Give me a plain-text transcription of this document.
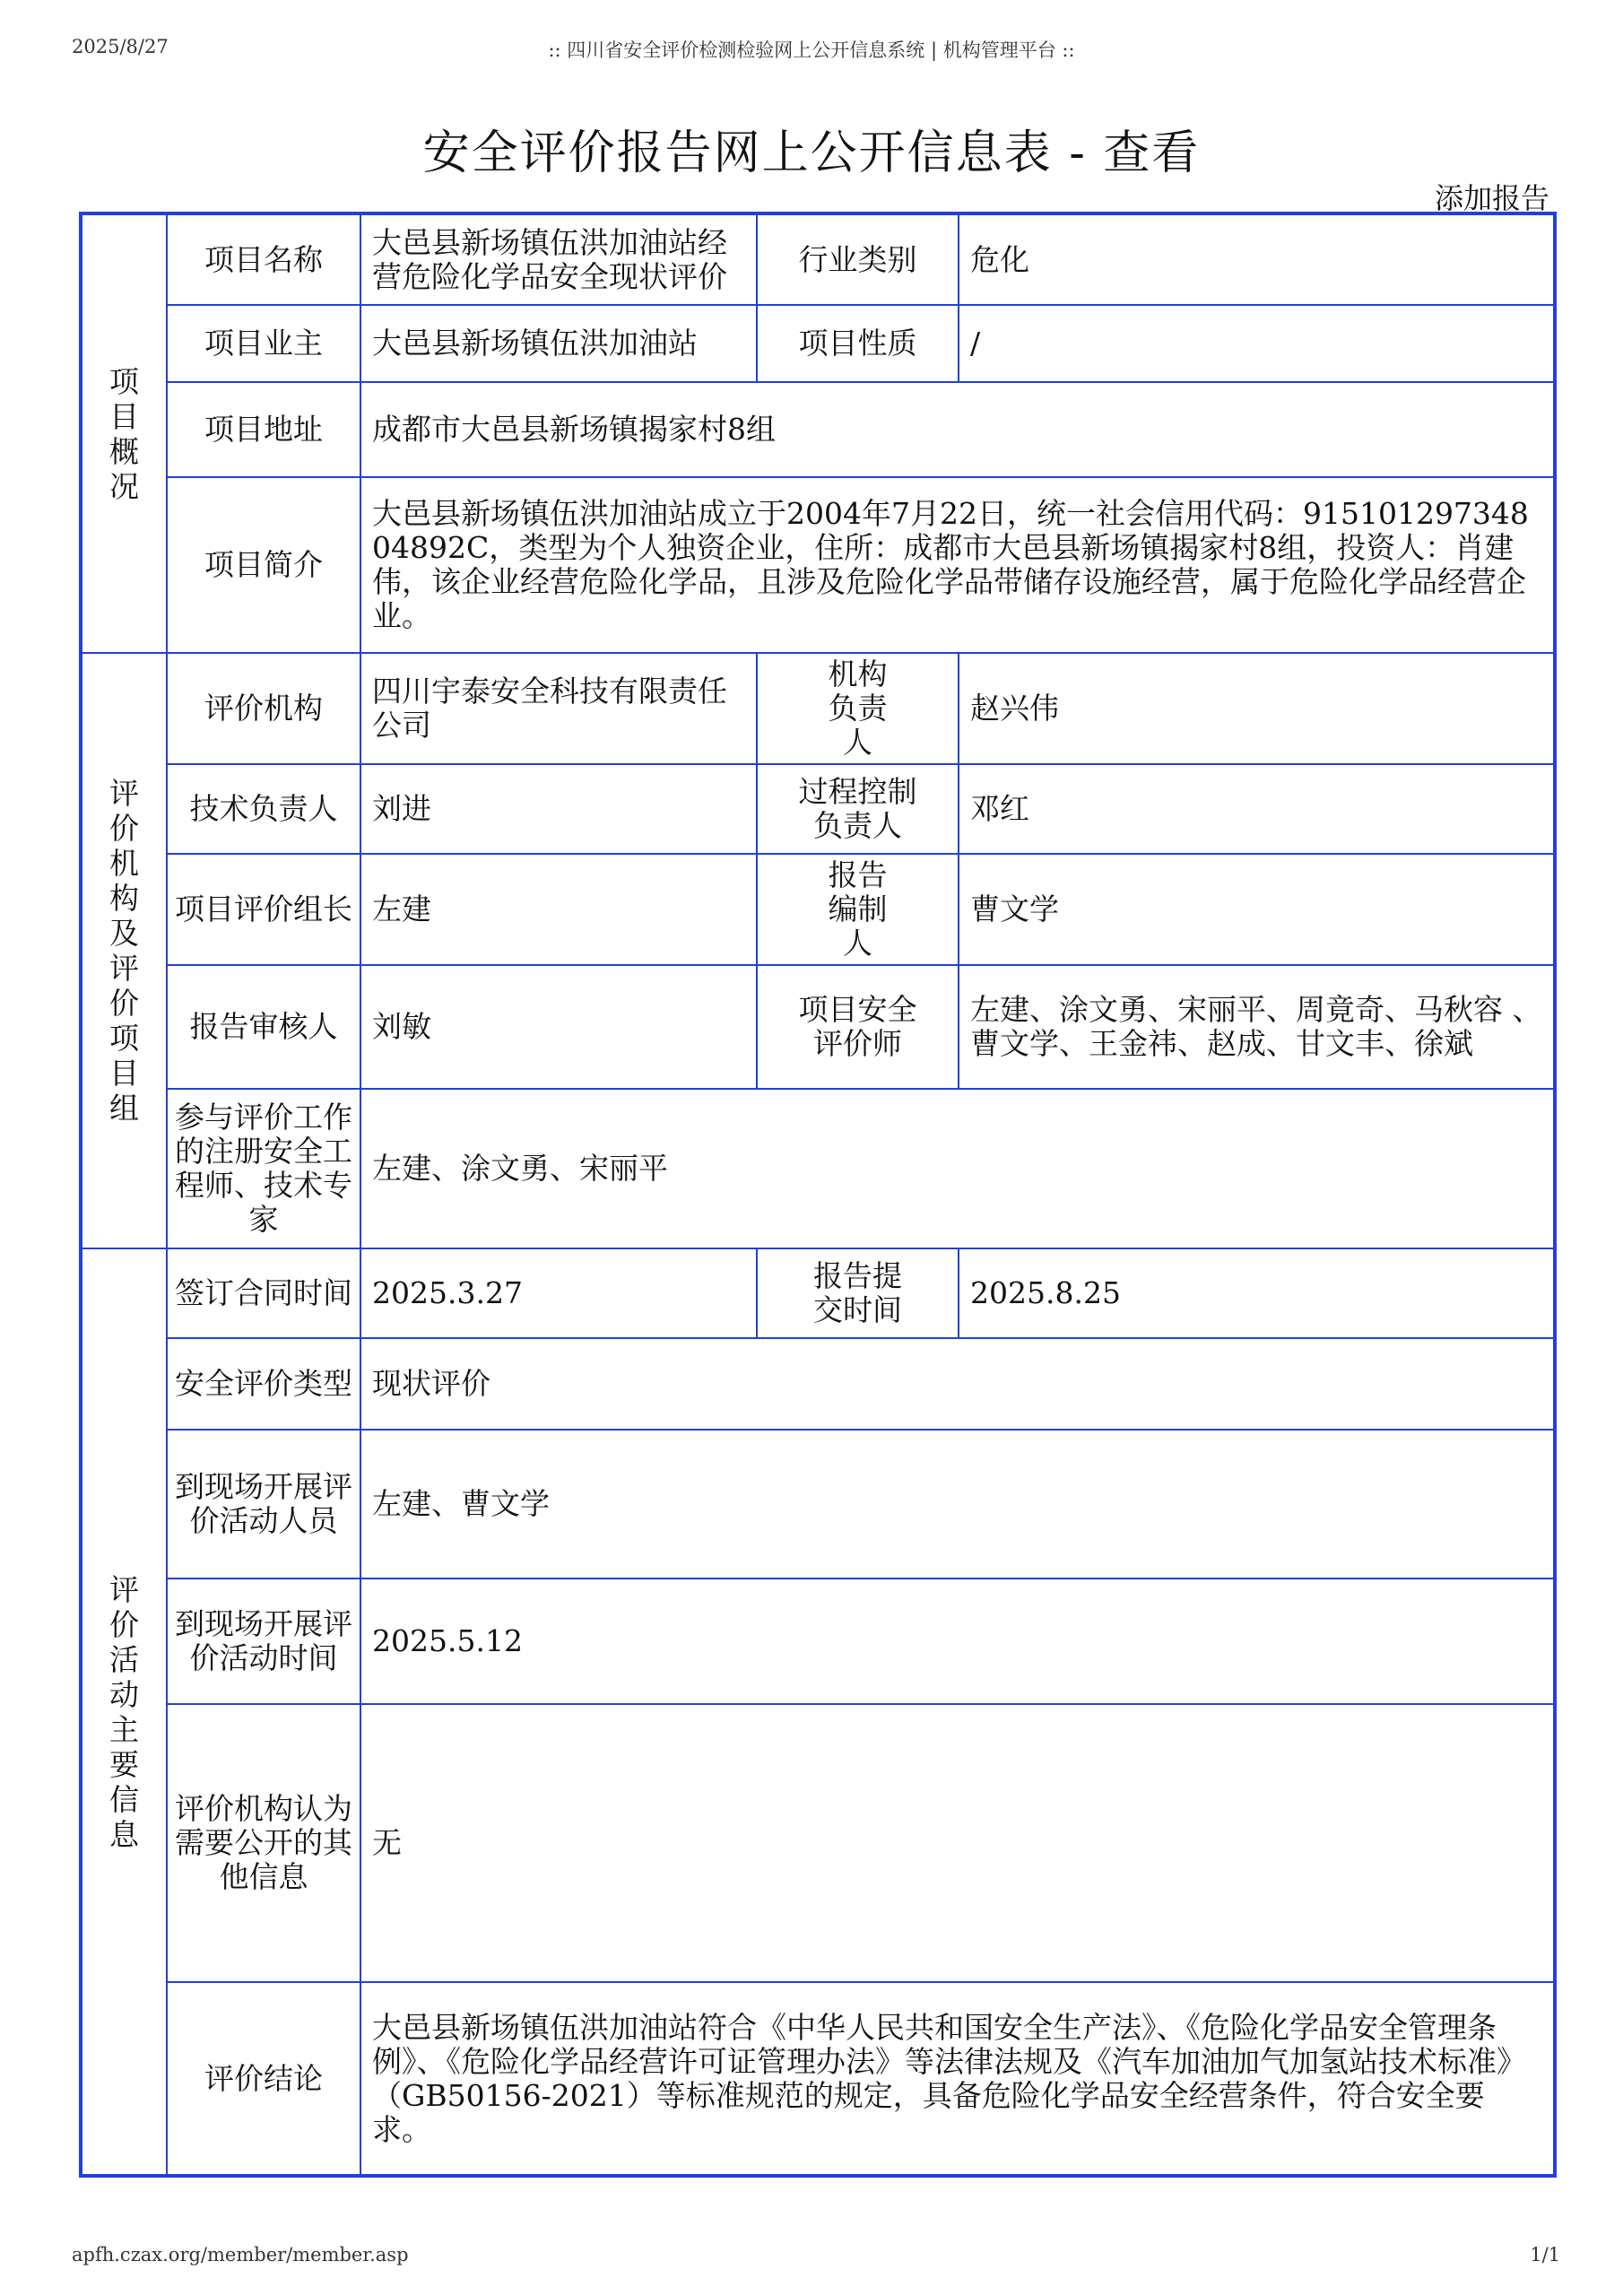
2025/8/27	:: 四川省安全评价检测检验网上公开信息系统 | 机构管理平台 ::
安全评价报告网上公开信息表 - 查看
添加报告
项目概况	项目名称	大邑县新场镇伍洪加油站经营危险化学品安全现状评价	行业类别	危化
	项目业主	大邑县新场镇伍洪加油站	项目性质	/
	项目地址	成都市大邑县新场镇揭家村8组		
	项目简介	大邑县新场镇伍洪加油站成立于2004年7月22日，统一社会信用代码：91510129734804892C，类型为个人独资企业，住所：成都市大邑县新场镇揭家村8组，投资人：肖建伟，该企业经营危险化学品，且涉及危险化学品带储存设施经营，属于危险化学品经营企业。		
评价机构及评价项目组	评价机构	四川宇泰安全科技有限责任公司	机构负责人	赵兴伟
	技术负责人	刘进	过程控制负责人	邓红
	项目评价组长	左建	报告编制人	曹文学
	报告审核人	刘敏	项目安全评价师	左建、涂文勇、宋丽平、周竟奇、马秋容 、曹文学、王金祎、赵成、甘文丰、徐斌
	参与评价工作的注册安全工程师、技术专家	左建、涂文勇、宋丽平		
评价活动主要信息	签订合同时间	2025.3.27	报告提交时间	2025.8.25
	安全评价类型	现状评价		
	到现场开展评价活动人员	左建、曹文学		
	到现场开展评价活动时间	2025.5.12		
	评价机构认为需要公开的其他信息	无		
	评价结论	大邑县新场镇伍洪加油站符合《中华人民共和国安全生产法》、《危险化学品安全管理条例》、《危险化学品经营许可证管理办法》等法律法规及《汽车加油加气加氢站技术标准》（GB50156-2021）等标准规范的规定，具备危险化学品安全经营条件，符合安全要求。		
apfh.czax.org/member/member.asp	1/1
